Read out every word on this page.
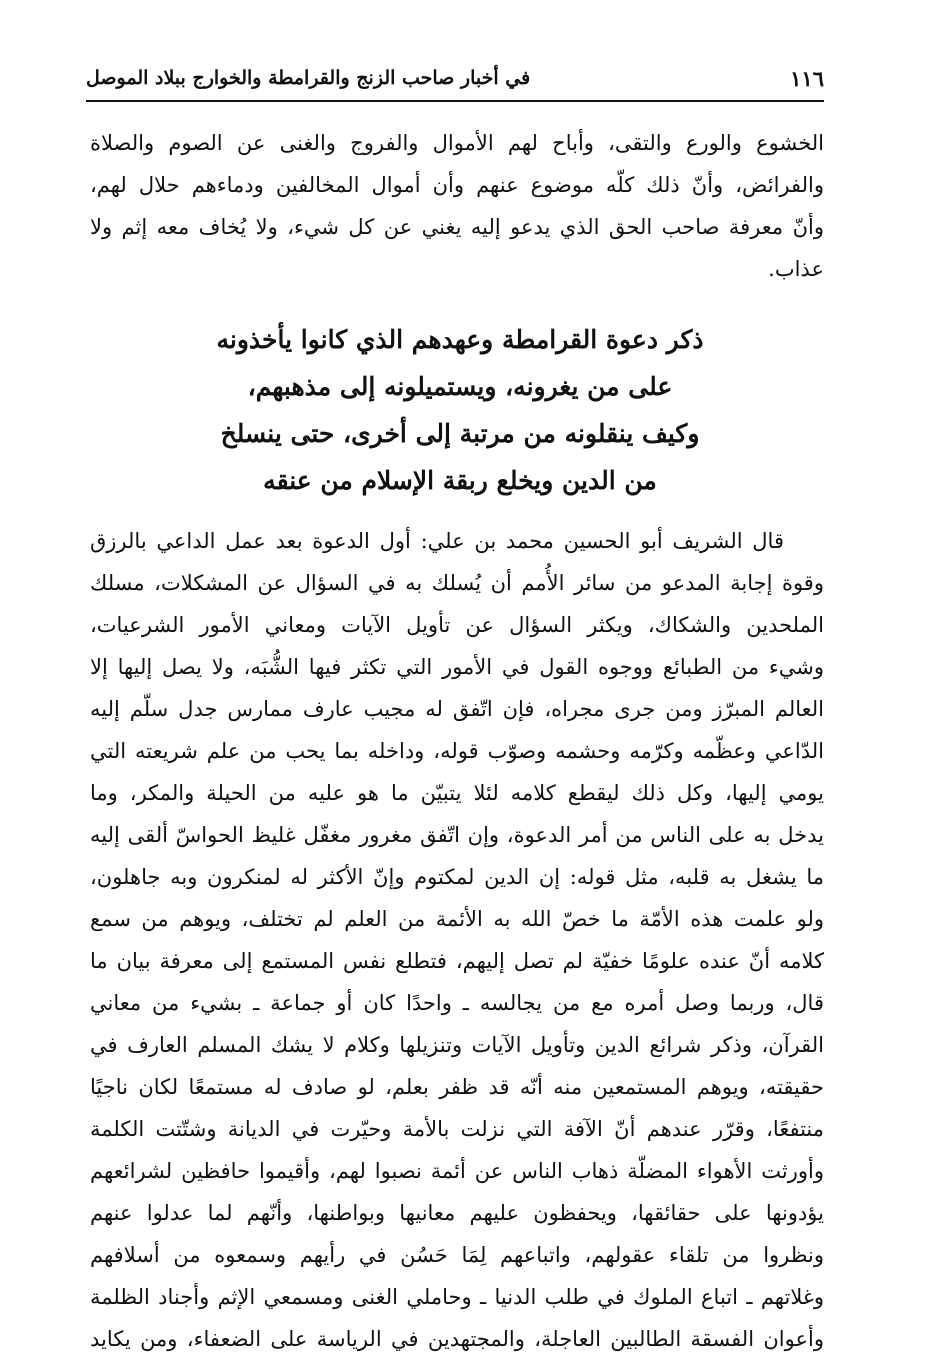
١١٦
في أخبار صاحب الزنج والقرامطة والخوارج ببلاد الموصل
الخشوع والورع والتقى، وأباح لهم الأموال والفروج والغنى عن الصوم والصلاة
والفرائض، وأنّ ذلك كلّه موضوع عنهم وأن أموال المخالفين ودماءهم حلال لهم،
وأنّ معرفة صاحب الحق الذي يدعو إليه يغني عن كل شيء، ولا يُخاف معه إثم ولا
عذاب.
ذكر دعوة القرامطة وعهدهم الذي كانوا يأخذونه
على من يغرونه، ويستميلونه إلى مذهبهم،
وكيف ينقلونه من مرتبة إلى أخرى، حتى ينسلخ
من الدين ويخلع ربقة الإسلام من عنقه
قال الشريف أبو الحسين محمد بن علي: أول الدعوة بعد عمل الداعي بالرزق
وقوة إجابة المدعو من سائر الأُمم أن يُسلك به في السؤال عن المشكلات، مسلك
الملحدين والشكاك، ويكثر السؤال عن تأويل الآيات ومعاني الأمور الشرعيات،
وشيء من الطبائع ووجوه القول في الأمور التي تكثر فيها الشُّبَه، ولا يصل إليها إلا
العالم المبرّز ومن جرى مجراه، فإن اتّفق له مجيب عارف ممارس جدل سلّم إليه
الدّاعي وعظّمه وكرّمه وحشمه وصوّب قوله، وداخله بما يحب من علم شريعته التي
يومي إليها، وكل ذلك ليقطع كلامه لئلا يتبيّن ما هو عليه من الحيلة والمكر، وما
يدخل به على الناس من أمر الدعوة، وإن اتّفق مغرور مغفّل غليظ الحواسّ ألقى إليه
ما يشغل به قلبه، مثل قوله: إن الدين لمكتوم وإنّ الأكثر له لمنكرون وبه جاهلون،
ولو علمت هذه الأمّة ما خصّ الله به الأئمة من العلم لم تختلف، ويوهم من سمع
كلامه أنّ عنده علومًا خفيّة لم تصل إليهم، فتطلع نفس المستمع إلى معرفة بيان ما
قال، وربما وصل أمره مع من يجالسه ـ واحدًا كان أو جماعة ـ بشيء من معاني
القرآن، وذكر شرائع الدين وتأويل الآيات وتنزيلها وكلام لا يشك المسلم العارف في
حقيقته، ويوهم المستمعين منه أنّه قد ظفر بعلم، لو صادف له مستمعًا لكان ناجيًا
منتفعًا، وقرّر عندهم أنّ الآفة التي نزلت بالأمة وحيّرت في الديانة وشتّتت الكلمة
وأورثت الأهواء المضلّة ذهاب الناس عن أئمة نصبوا لهم، وأقيموا حافظين لشرائعهم
يؤدونها على حقائقها، ويحفظون عليهم معانيها وبواطنها، وأنّهم لما عدلوا عنهم
ونظروا من تلقاء عقولهم، واتباعهم لِمَا حَسُن في رأيهم وسمعوه من أسلافهم
وغلاتهم ـ اتباع الملوك في طلب الدنيا ـ وحاملي الغنى ومسمعي الإثم وأجناد الظلمة
وأعوان الفسقة الطالبين العاجلة، والمجتهدين في الرياسة على الضعفاء، ومن يكايد
